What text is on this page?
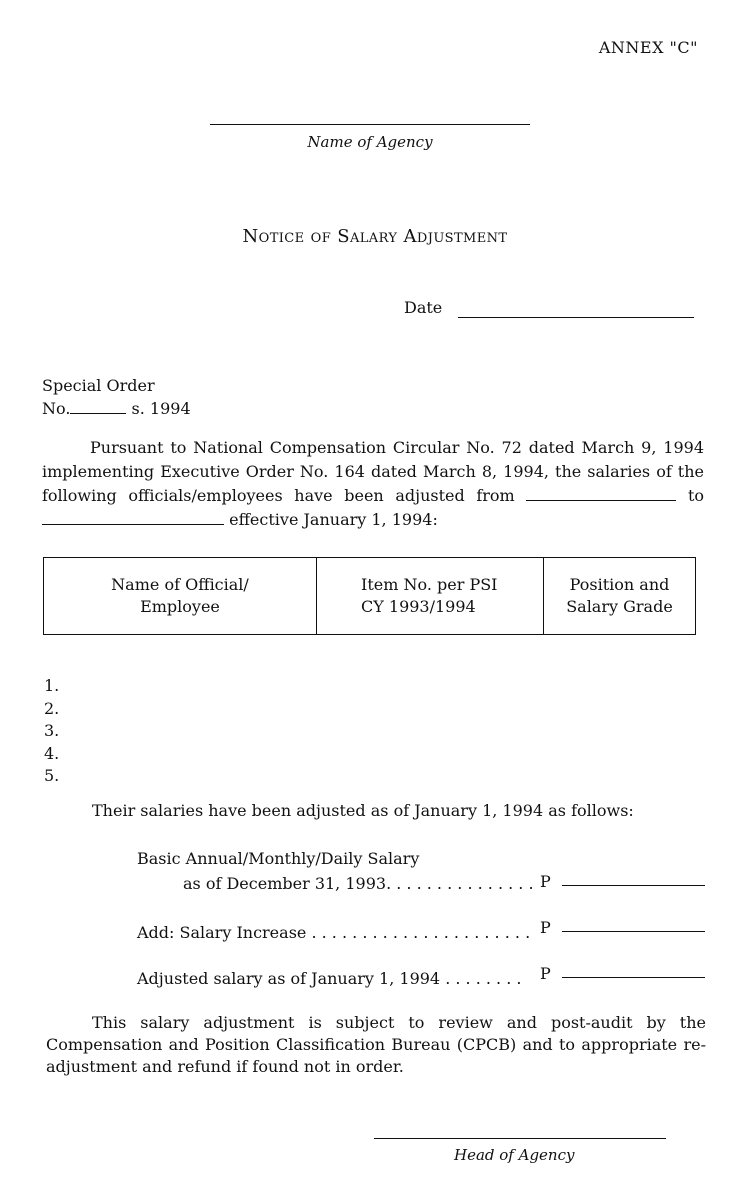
ANNEX "C"
Name of Agency
Notice of Salary Adjustment
Date
Special Order
No.	s. 1994
Pursuant to National Compensation Circular No. 72 dated March 9, 1994 implementing Executive Order No. 164 dated March 8, 1994, the salaries of the following officials/employees have been adjusted from	to  effective January 1, 1994:
Name of Official/
Employee
Item No. per PSI
CY 1993/1994
Position and
Salary Grade
1.
2.
3.
4.
5.
Their salaries have been adjusted as of January 1, 1994 as follows:
Basic Annual/Monthly/Daily Salary
as of December 31, 1993. . . . . . . . . . . . . . . P
Add: Salary Increase . . . . . . . . . . . . . . . . . . . . . . P
Adjusted salary as of January 1, 1994 . . . . . . . . P
This salary adjustment is subject to review and post-audit by the Compensation and Position Classification Bureau (CPCB) and to appropriate re-adjustment and refund if found not in order.
Head of Agency
